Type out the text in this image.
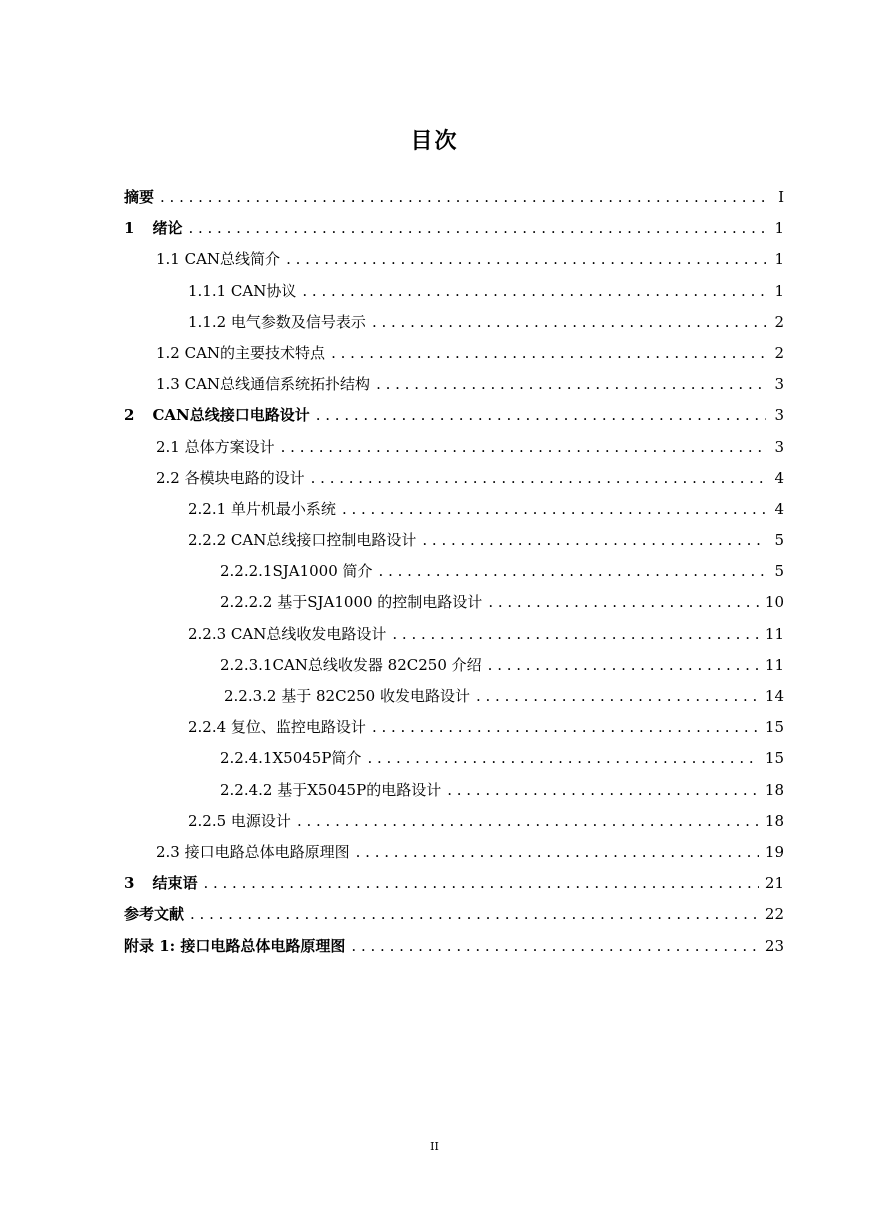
目次
摘要 . . .	I
1 绪论 . . .	1
1.1 CAN总线简介 . . .	1
1.1.1 CAN协议 . . .	1
1.1.2 电气参数及信号表示 . . .	2
1.2 CAN的主要技术特点 . . .	2
1.3 CAN总线通信系统拓扑结构 . . .	3
2 CAN总线接口电路设计 . . .	3
2.1 总体方案设计 . . .	3
2.2 各模块电路的设计 . . .	4
2.2.1 单片机最小系统 . . .	4
2.2.2 CAN总线接口控制电路设计 . . .	5
2.2.2.1SJA1000 简介 . . .	5
2.2.2.2 基于SJA1000 的控制电路设计 . . .	10
2.2.3 CAN总线收发电路设计 . . .	11
2.2.3.1CAN总线收发器 82C250 介绍 . . .	11
2.2.3.2 基于 82C250 收发电路设计 . . .	14
2.2.4 复位、监控电路设计 . . .	15
2.2.4.1X5045P简介 . . .	15
2.2.4.2 基于X5045P的电路设计 . . .	18
2.2.5 电源设计 . . .	18
2.3 接口电路总体电路原理图 . . .	19
3 结束语 . . .	21
参考文献 . . .	22
附录 1: 接口电路总体电路原理图 . . .	23
II
